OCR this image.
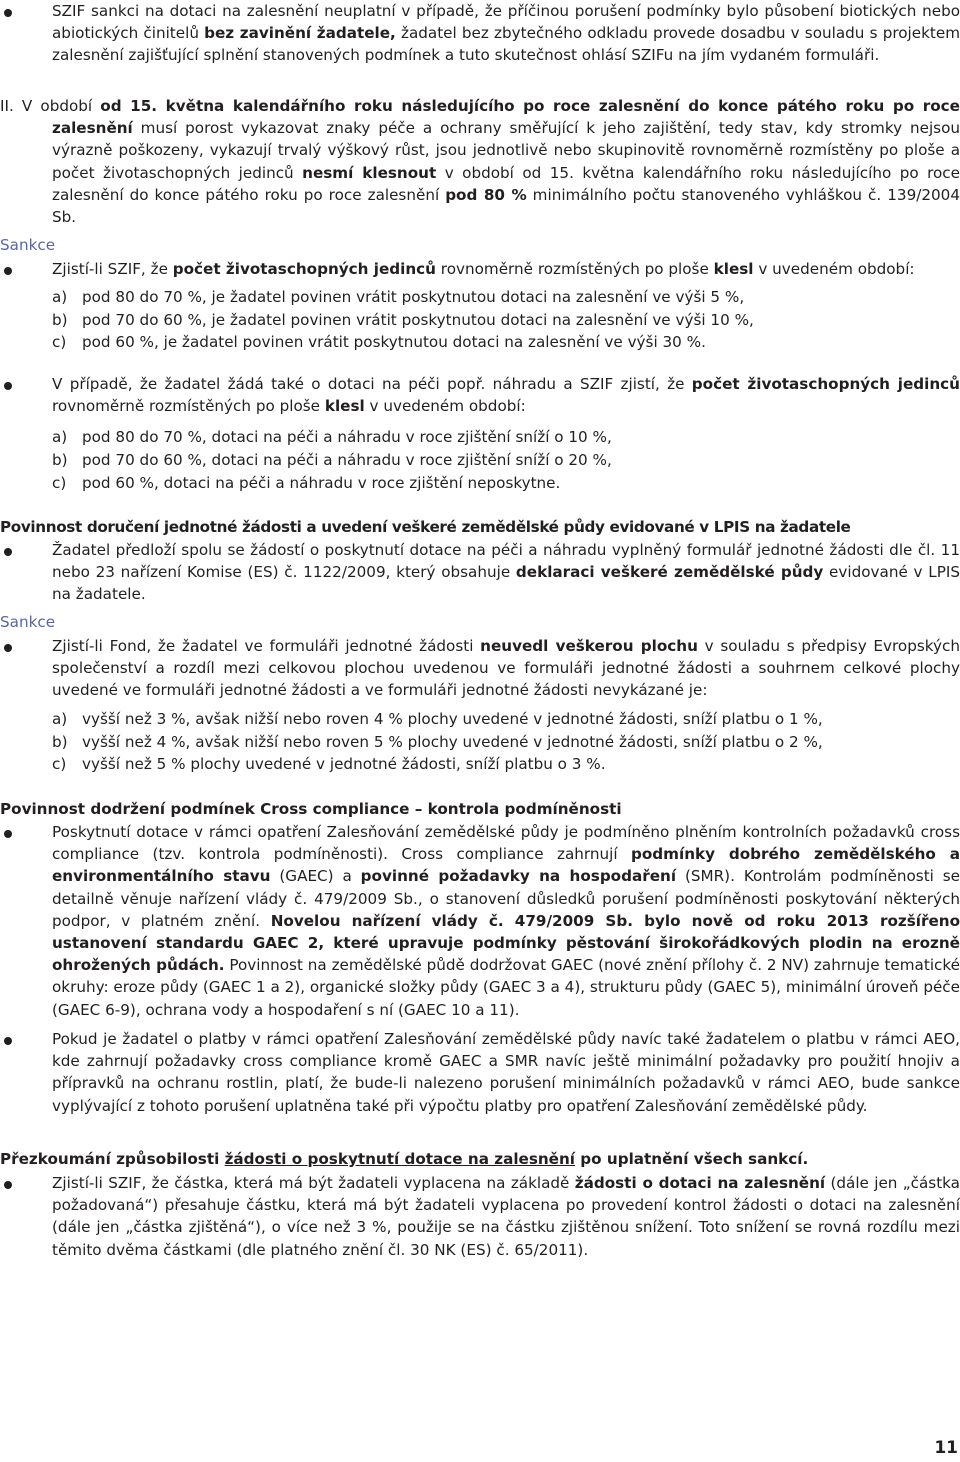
SZIF sankci na dotaci na zalesnění neuplatní v případě, že příčinou porušení podmínky bylo působení biotických nebo abiotických činitelů bez zavinění žadatele, žadatel bez zbytečného odkladu provede dosadbu v souladu s projektem zalesnění zajišťující splnění stanovených podmínek a tuto skutečnost ohlásí SZIFu na jím vydaném formuláři.

II. V období od 15. května kalendářního roku následujícího po roce zalesnění do konce pátého roku po roce zalesnění musí porost vykazovat znaky péče a ochrany směřující k jeho zajištění, tedy stav, kdy stromky nejsou výrazně poškozeny, vykazují trvalý výškový růst, jsou jednotlivě nebo skupinovitě rovnoměrně rozmístěny po ploše a počet životaschopných jedinců nesmí klesnout v období od 15. května kalendářního roku následujícího po roce zalesnění do konce pátého roku po roce zalesnění pod 80 % minimálního počtu stanoveného vyhláškou č. 139/2004 Sb.

Sankce

Zjistí-li SZIF, že počet životaschopných jedinců rovnoměrně rozmístěných po ploše klesl v uvedeném období:

a) pod 80 do 70 %, je žadatel povinen vrátit poskytnutou dotaci na zalesnění ve výši 5 %,
b) pod 70 do 60 %, je žadatel povinen vrátit poskytnutou dotaci na zalesnění ve výši 10 %,
c) pod 60 %, je žadatel povinen vrátit poskytnutou dotaci na zalesnění ve výši 30 %.

V případě, že žadatel žádá také o dotaci na péči popř. náhradu a SZIF zjistí, že počet životaschopných jedinců rovnoměrně rozmístěných po ploše klesl v uvedeném období:

a) pod 80 do 70 %, dotaci na péči a náhradu v roce zjištění sníží o 10 %,
b) pod 70 do 60 %, dotaci na péči a náhradu v roce zjištění sníží o 20 %,
c) pod 60 %, dotaci na péči a náhradu v roce zjištění neposkytne.
Povinnost doručení jednotné žádosti a uvedení veškeré zemědělské půdy evidované v LPIS na žadatele

Žadatel předloží spolu se žádostí o poskytnutí dotace na péči a náhradu vyplněný formulář jednotné žádosti dle čl. 11 nebo 23 nařízení Komise (ES) č. 1122/2009, který obsahuje deklaraci veškeré zemědělské půdy evidované v LPIS na žadatele.

Sankce

Zjistí-li Fond, že žadatel ve formuláři jednotné žádosti neuvedl veškerou plochu v souladu s předpisy Evropských společenství a rozdíl mezi celkovou plochou uvedenou ve formuláři jednotné žádosti a souhrnem celkové plochy uvedené ve formuláři jednotné žádosti a ve formuláři jednotné žádosti nevykázané je:

a) vyšší než 3 %, avšak nižší nebo roven 4 % plochy uvedené v jednotné žádosti, sníží platbu o 1 %,
b) vyšší než 4 %, avšak nižší nebo roven 5 % plochy uvedené v jednotné žádosti, sníží platbu o 2 %,
c) vyšší než 5 % plochy uvedené v jednotné žádosti, sníží platbu o 3 %.
Povinnost dodržení podmínek Cross compliance – kontrola podmíněnosti

Poskytnutí dotace v rámci opatření Zalesňování zemědělské půdy je podmíněno plněním kontrolních požadavků cross compliance (tzv. kontrola podmíněnosti). Cross compliance zahrnují podmínky dobrého zemědělského a environmentálního stavu (GAEC) a povinné požadavky na hospodaření (SMR). Kontrolám podmíněnosti se detailně věnuje nařízení vlády č. 479/2009 Sb., o stanovení důsledků porušení podmíněnosti poskytování některých podpor, v platném znění. Novelou nařízení vlády č. 479/2009 Sb. bylo nově od roku 2013 rozšířeno ustanovení standardu GAEC 2, které upravuje podmínky pěstování širokořádkových plodin na erozně ohrožených půdách. Povinnost na zemědělské půdě dodržovat GAEC (nové znění přílohy č. 2 NV) zahrnuje tematické okruhy: eroze půdy (GAEC 1 a 2), organické složky půdy (GAEC 3 a 4), strukturu půdy (GAEC 5), minimální úroveň péče (GAEC 6-9), ochrana vody a hospodaření s ní (GAEC 10 a 11).

Pokud je žadatel o platby v rámci opatření Zalesňování zemědělské půdy navíc také žadatelem o platbu v rámci AEO, kde zahrnují požadavky cross compliance kromě GAEC a SMR navíc ještě minimální požadavky pro použití hnojiv a přípravků na ochranu rostlin, platí, že bude-li nalezeno porušení minimálních požadavků v rámci AEO, bude sankce vyplývající z tohoto porušení uplatněna také při výpočtu platby pro opatření Zalesňování zemědělské půdy.

Přezkoumání způsobilosti žádosti o poskytnutí dotace na zalesnění po uplatnění všech sankcí.

Zjistí-li SZIF, že částka, která má být žadateli vyplacena na základě žádosti o dotaci na zalesnění (dále jen „částka požadovaná“) přesahuje částku, která má být žadateli vyplacena po provedení kontrol žádosti o dotaci na zalesnění (dále jen „částka zjištěná“), o více než 3 %, použije se na částku zjištěnou snížení. Toto snížení se rovná rozdílu mezi těmito dvěma částkami (dle platného znění čl. 30 NK (ES) č. 65/2011).

11
